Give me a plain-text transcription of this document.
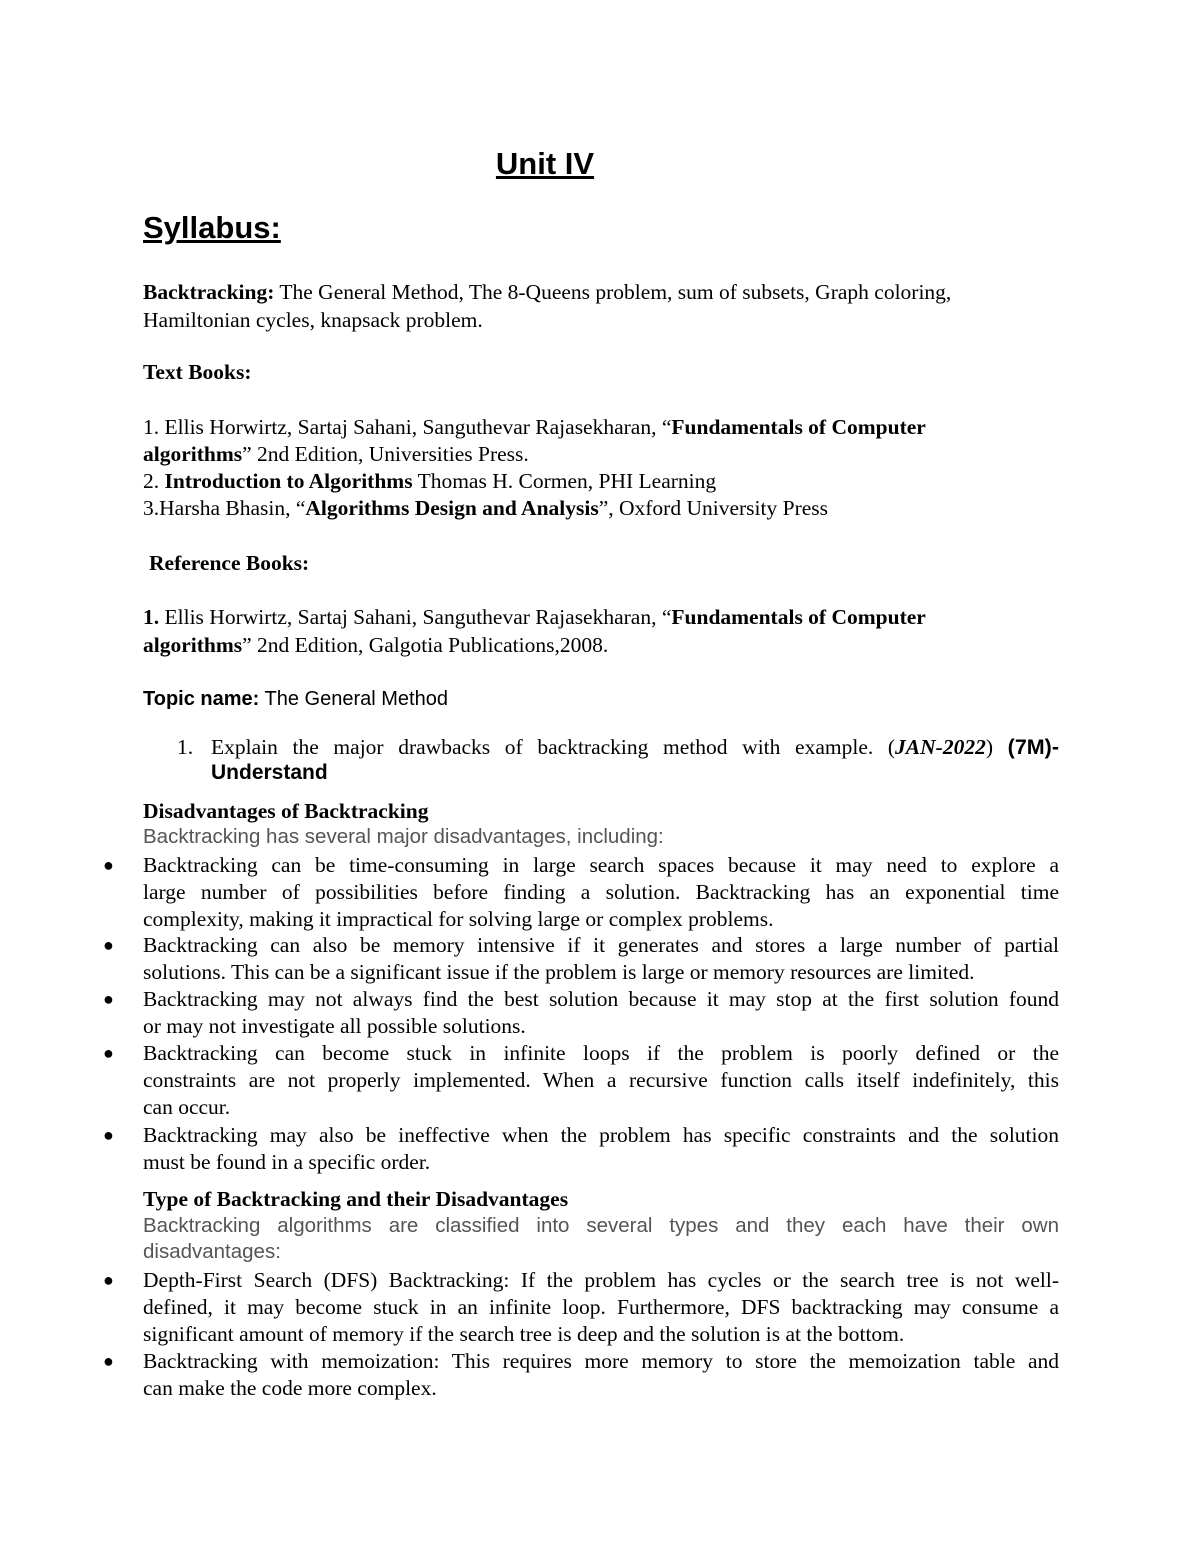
Unit IV
Syllabus:
Backtracking: The General Method, The 8-Queens problem, sum of subsets, Graph coloring,
Hamiltonian cycles, knapsack problem.
Text Books:
1. Ellis Horwirtz, Sartaj Sahani, Sanguthevar Rajasekharan, “Fundamentals of Computer
algorithms” 2nd Edition, Universities Press.
2. Introduction to Algorithms Thomas H. Cormen, PHI Learning
3.Harsha Bhasin, “Algorithms Design and Analysis”, Oxford University Press
Reference Books:
1. Ellis Horwirtz, Sartaj Sahani, Sanguthevar Rajasekharan, “Fundamentals of Computer
algorithms” 2nd Edition, Galgotia Publications,2008.
Topic name: The General Method
1. Explain the major drawbacks of backtracking method with example. (JAN-2022) (7M)-
Understand
Disadvantages of Backtracking
Backtracking has several major disadvantages, including:
● Backtracking can be time-consuming in large search spaces because it may need to explore a
large number of possibilities before finding a solution. Backtracking has an exponential time
complexity, making it impractical for solving large or complex problems.
● Backtracking can also be memory intensive if it generates and stores a large number of partial
solutions. This can be a significant issue if the problem is large or memory resources are limited.
● Backtracking may not always find the best solution because it may stop at the first solution found
or may not investigate all possible solutions.
● Backtracking can become stuck in infinite loops if the problem is poorly defined or the
constraints are not properly implemented. When a recursive function calls itself indefinitely, this
can occur.
● Backtracking may also be ineffective when the problem has specific constraints and the solution
must be found in a specific order.
Type of Backtracking and their Disadvantages
Backtracking algorithms are classified into several types and they each have their own
disadvantages:
● Depth-First Search (DFS) Backtracking: If the problem has cycles or the search tree is not well-
defined, it may become stuck in an infinite loop. Furthermore, DFS backtracking may consume a
significant amount of memory if the search tree is deep and the solution is at the bottom.
● Backtracking with memoization: This requires more memory to store the memoization table and
can make the code more complex.
